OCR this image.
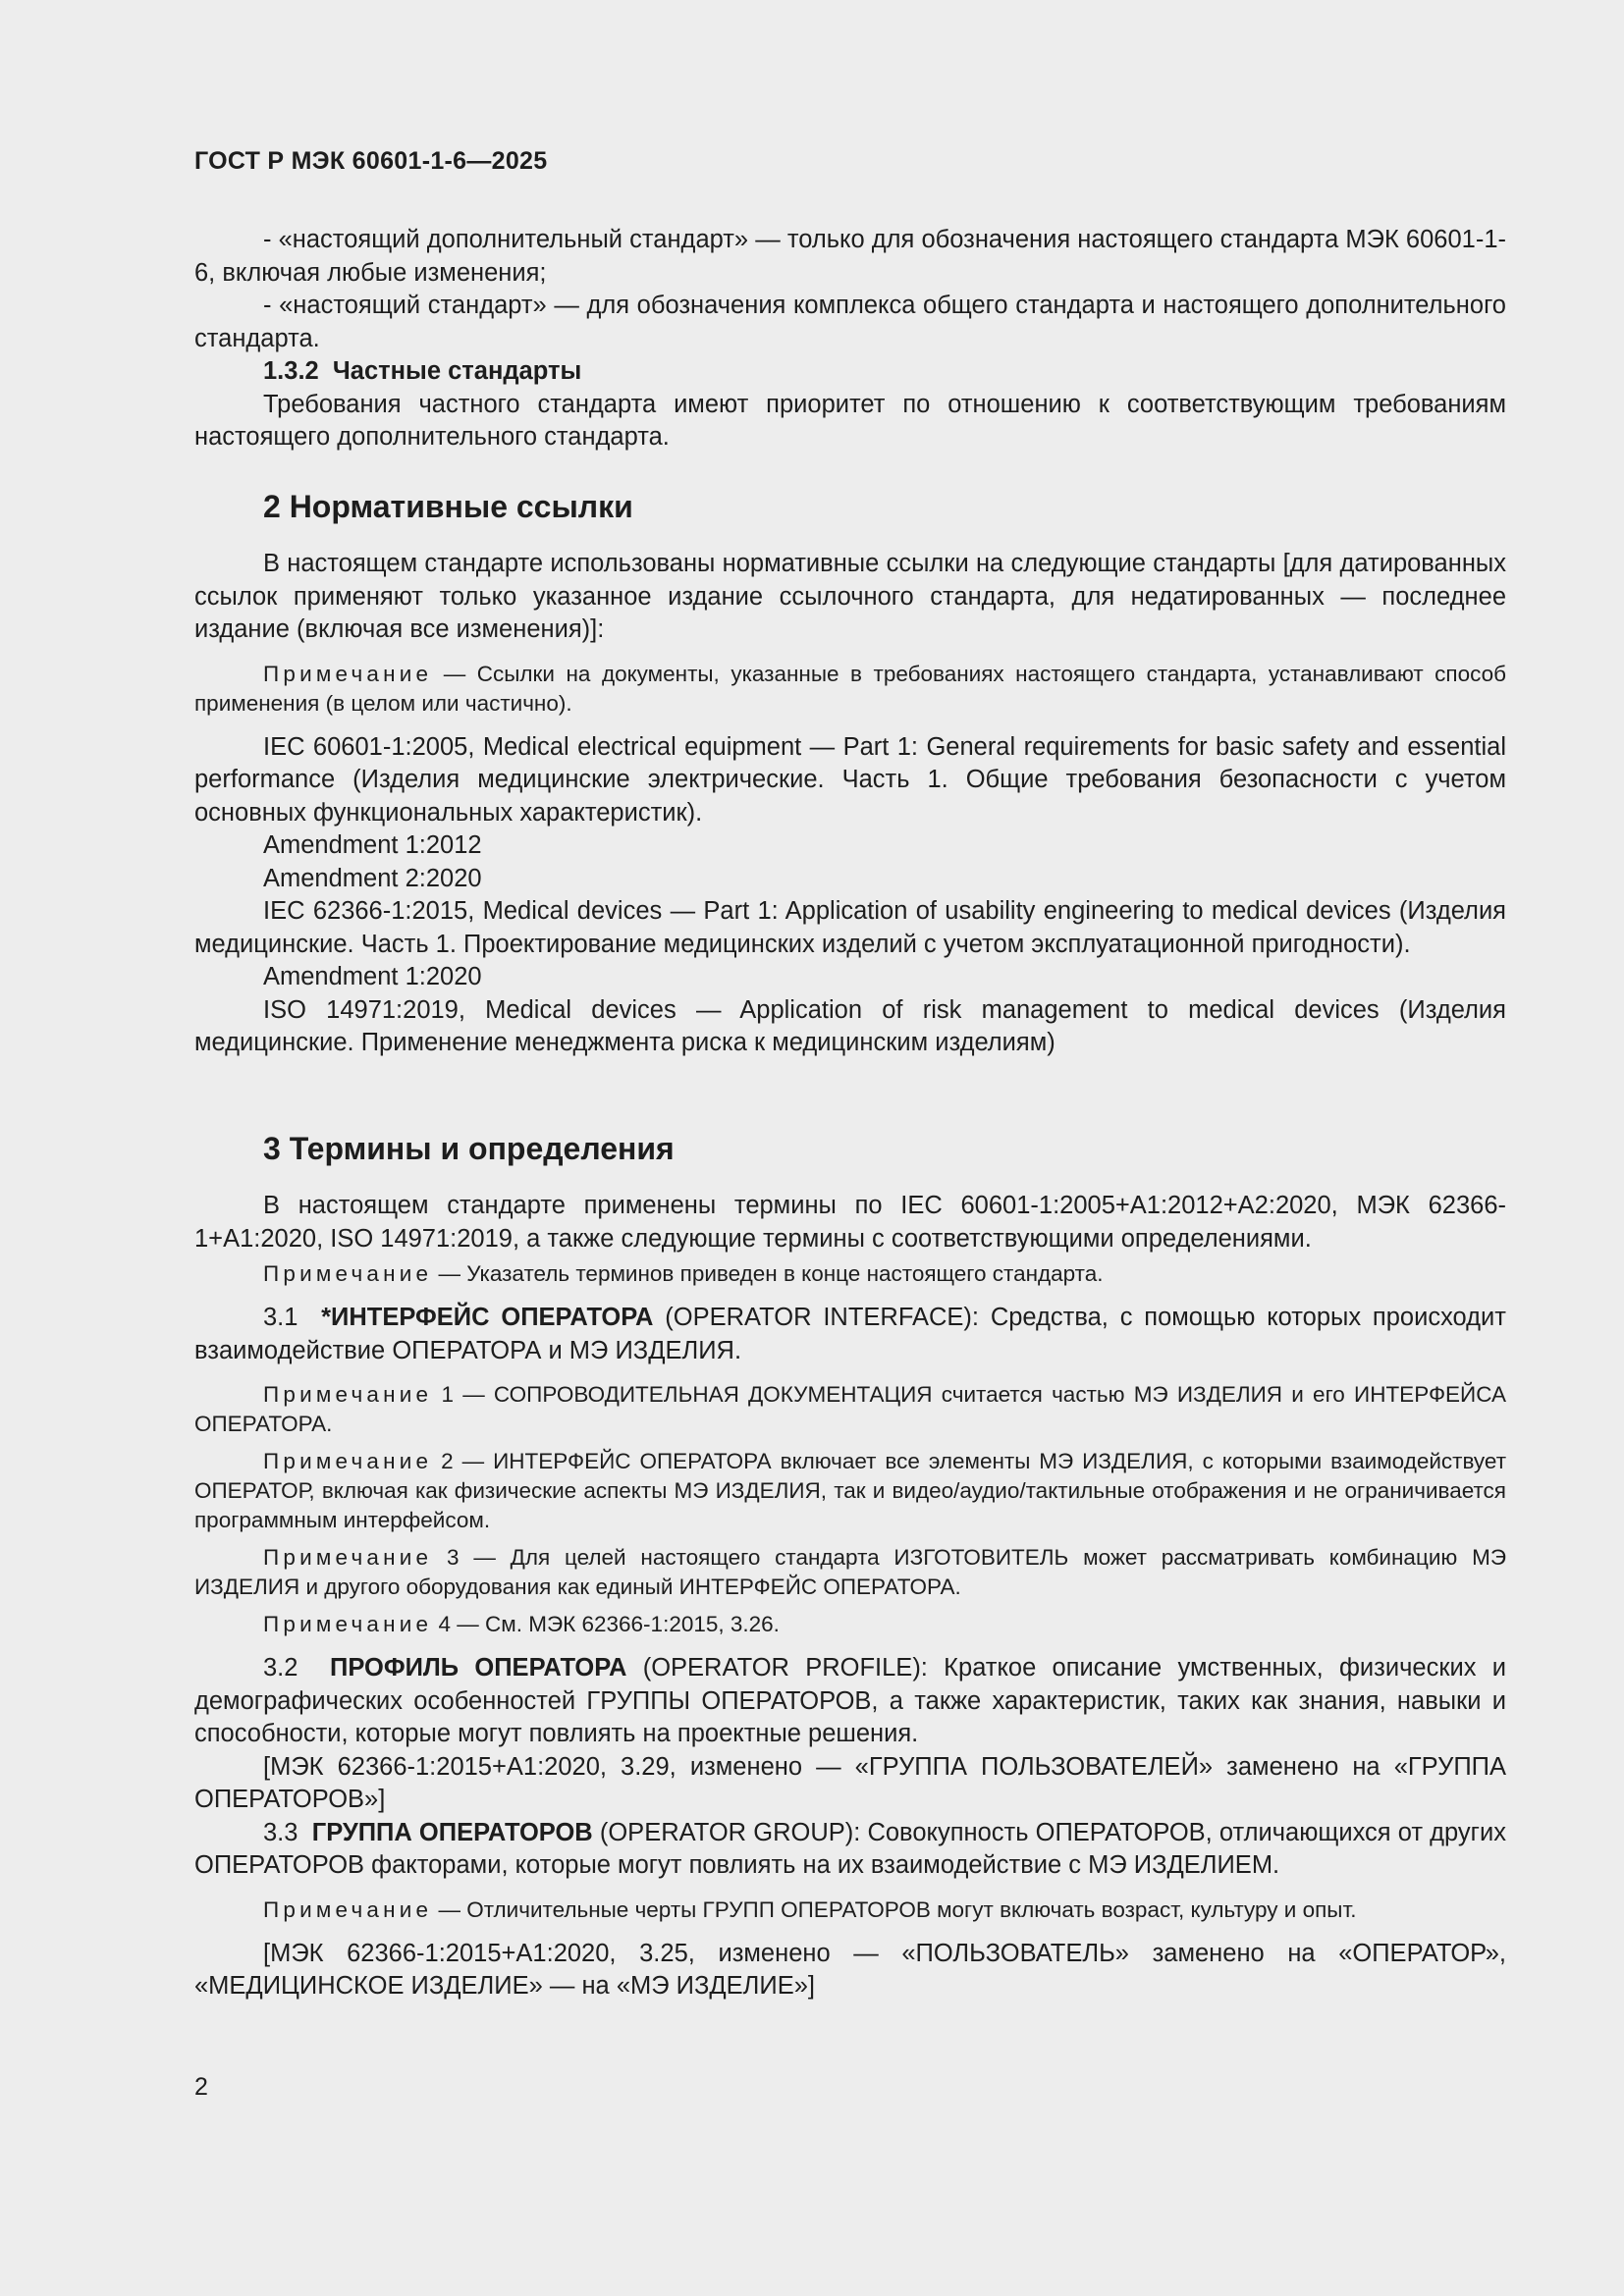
ГОСТ Р МЭК 60601-1-6—2025

- «настоящий дополнительный стандарт» — только для обозначения настоящего стандарта МЭК 60601-1-6, включая любые изменения;

- «настоящий стандарт» — для обозначения комплекса общего стандарта и настоящего дополнительного стандарта.

1.3.2 Частные стандарты

Требования частного стандарта имеют приоритет по отношению к соответствующим требованиям настоящего дополнительного стандарта.

2 Нормативные ссылки

В настоящем стандарте использованы нормативные ссылки на следующие стандарты [для датированных ссылок применяют только указанное издание ссылочного стандарта, для недатированных — последнее издание (включая все изменения)]:

Примечание — Ссылки на документы, указанные в требованиях настоящего стандарта, устанавливают способ применения (в целом или частично).

IEC 60601-1:2005, Medical electrical equipment — Part 1: General requirements for basic safety and essential performance (Изделия медицинские электрические. Часть 1. Общие требования безопасности с учетом основных функциональных характеристик).

Amendment 1:2012

Amendment 2:2020

IEC 62366-1:2015, Medical devices — Part 1: Application of usability engineering to medical devices (Изделия медицинские. Часть 1. Проектирование медицинских изделий с учетом эксплуатационной пригодности).

Amendment 1:2020

ISO 14971:2019, Medical devices — Application of risk management to medical devices (Изделия медицинские. Применение менеджмента риска к медицинским изделиям)

3 Термины и определения

В настоящем стандарте применены термины по IEC 60601-1:2005+A1:2012+A2:2020, МЭК 62366-1+A1:2020, ISO 14971:2019, а также следующие термины с соответствующими определениями.

Примечание — Указатель терминов приведен в конце настоящего стандарта.

3.1 *ИНТЕРФЕЙС ОПЕРАТОРА (OPERATOR INTERFACE): Средства, с помощью которых происходит взаимодействие ОПЕРАТОРА и МЭ ИЗДЕЛИЯ.

Примечание 1 — СОПРОВОДИТЕЛЬНАЯ ДОКУМЕНТАЦИЯ считается частью МЭ ИЗДЕЛИЯ и его ИНТЕРФЕЙСА ОПЕРАТОРА.
Примечание 2 — ИНТЕРФЕЙС ОПЕРАТОРА включает все элементы МЭ ИЗДЕЛИЯ, с которыми взаимодействует ОПЕРАТОР, включая как физические аспекты МЭ ИЗДЕЛИЯ, так и видео/аудио/тактильные отображения и не ограничивается программным интерфейсом.
Примечание 3 — Для целей настоящего стандарта ИЗГОТОВИТЕЛЬ может рассматривать комбинацию МЭ ИЗДЕЛИЯ и другого оборудования как единый ИНТЕРФЕЙС ОПЕРАТОРА.
Примечание 4 — См. МЭК 62366-1:2015, 3.26.

3.2 ПРОФИЛЬ ОПЕРАТОРА (OPERATOR PROFILE): Краткое описание умственных, физических и демографических особенностей ГРУППЫ ОПЕРАТОРОВ, а также характеристик, таких как знания, навыки и способности, которые могут повлиять на проектные решения.

[МЭК 62366-1:2015+A1:2020, 3.29, изменено — «ГРУППА ПОЛЬЗОВАТЕЛЕЙ» заменено на «ГРУППА ОПЕРАТОРОВ»]

3.3 ГРУППА ОПЕРАТОРОВ (OPERATOR GROUP): Совокупность ОПЕРАТОРОВ, отличающихся от других ОПЕРАТОРОВ факторами, которые могут повлиять на их взаимодействие с МЭ ИЗДЕЛИЕМ.

Примечание — Отличительные черты ГРУПП ОПЕРАТОРОВ могут включать возраст, культуру и опыт.

[МЭК 62366-1:2015+A1:2020, 3.25, изменено — «ПОЛЬЗОВАТЕЛЬ» заменено на «ОПЕРАТОР», «МЕДИЦИНСКОЕ ИЗДЕЛИЕ» — на «МЭ ИЗДЕЛИЕ»]

2
